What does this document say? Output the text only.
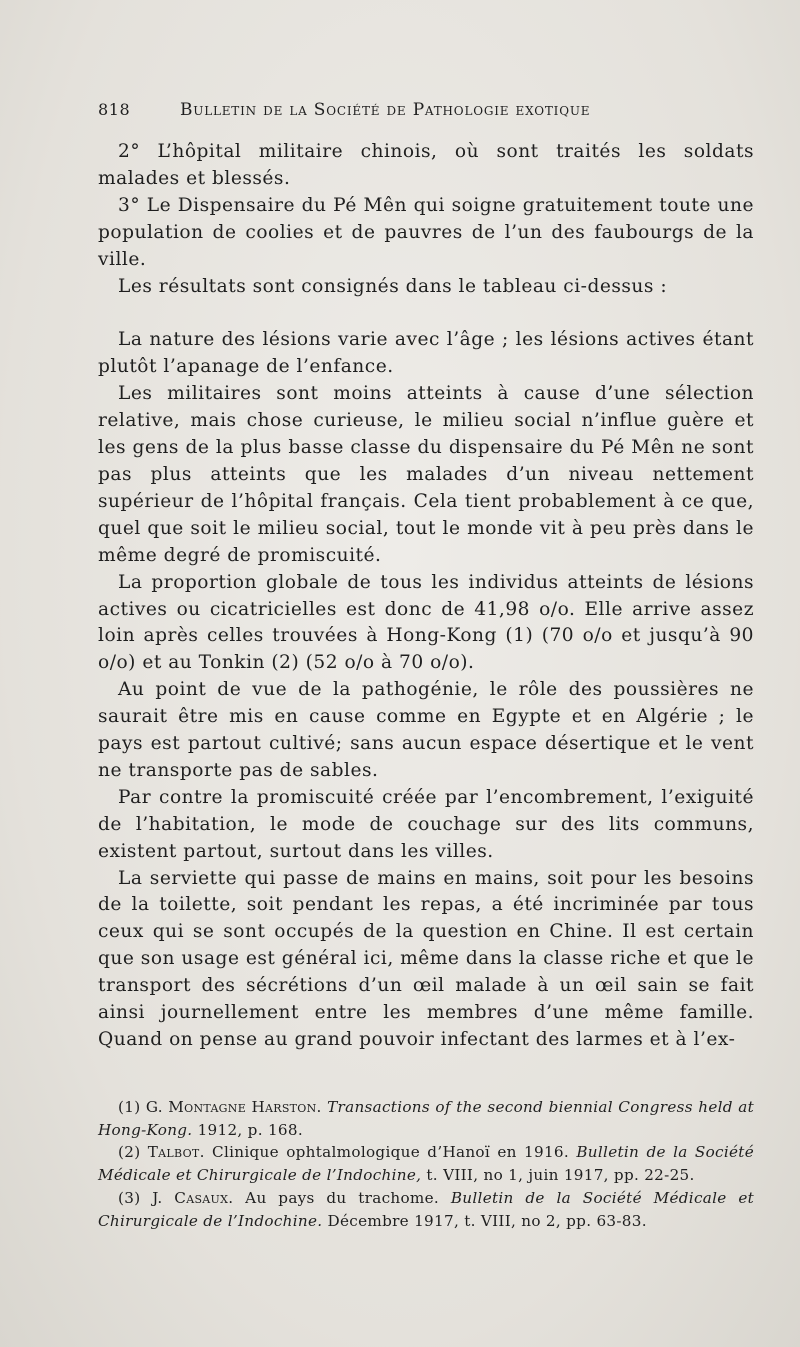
818	Bulletin de la Société de Pathologie exotique

2° L’hôpital militaire chinois, où sont traités les soldats malades et blessés.

3° Le Dispensaire du Pé Mên qui soigne gratuitement toute une population de coolies et de pauvres de l’un des faubourgs de la ville.

Les résultats sont consignés dans le tableau ci-dessus :

La nature des lésions varie avec l’âge ; les lésions actives étant plutôt l’apanage de l’enfance.

Les militaires sont moins atteints à cause d’une sélection relative, mais chose curieuse, le milieu social n’influe guère et les gens de la plus basse classe du dispensaire du Pé Mên ne sont pas plus atteints que les malades d’un niveau nettement supérieur de l’hôpital français. Cela tient probablement à ce que, quel que soit le milieu social, tout le monde vit à peu près dans le même degré de promiscuité.

La proportion globale de tous les individus atteints de lésions actives ou cicatricielles est donc de 41,98 o/o. Elle arrive assez loin après celles trouvées à Hong-Kong (1) (70 o/o et jusqu’à 90 o/o) et au Tonkin (2) (52 o/o à 70 o/o).

Au point de vue de la pathogénie, le rôle des poussières ne saurait être mis en cause comme en Egypte et en Algérie ; le pays est partout cultivé; sans aucun espace désertique et le vent ne transporte pas de sables.

Par contre la promiscuité créée par l’encombrement, l’exiguité de l’habitation, le mode de couchage sur des lits communs, existent partout, surtout dans les villes.

La serviette qui passe de mains en mains, soit pour les besoins de la toilette, soit pendant les repas, a été incriminée par tous ceux qui se sont occupés de la question en Chine. Il est certain que son usage est général ici, même dans la classe riche et que le transport des sécrétions d’un œil malade à un œil sain se fait ainsi journellement entre les membres d’une même famille. Quand on pense au grand pouvoir infectant des larmes et à l’ex-

(1) G. Montagne Harston. Transactions of the second biennial Congress held at Hong-Kong. 1912, p. 168.

(2) Talbot. Clinique ophtalmologique d’Hanoï en 1916. Bulletin de la Société Médicale et Chirurgicale de l’Indochine, t. VIII, no 1, juin 1917, pp. 22-25.

(3) J. Casaux. Au pays du trachome. Bulletin de la Société Médicale et Chirurgicale de l’Indochine. Décembre 1917, t. VIII, no 2, pp. 63-83.
